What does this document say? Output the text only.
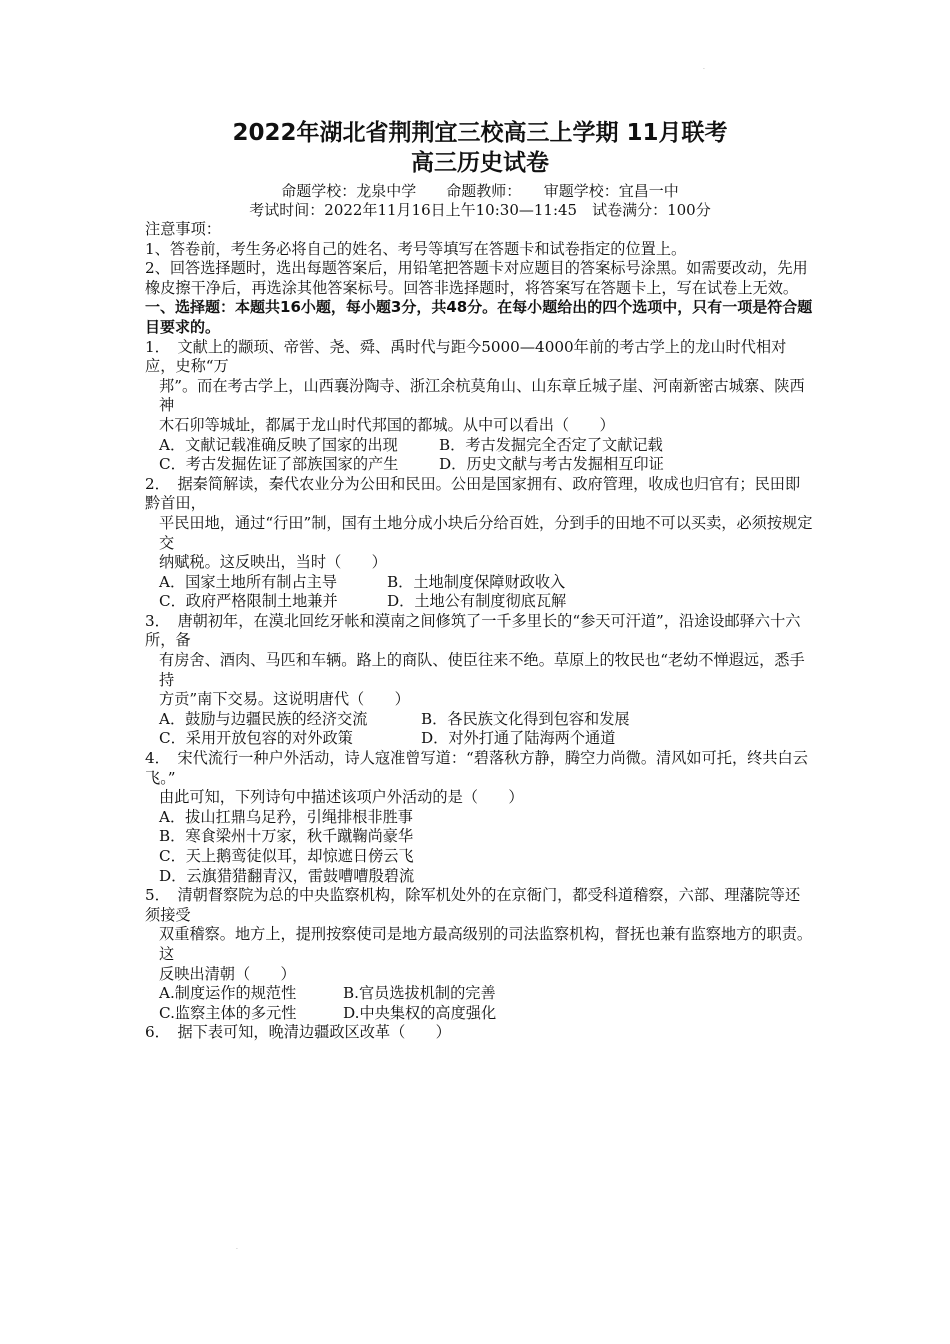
·
·
2022年湖北省荆荆宜三校高三上学期 11月联考
高三历史试卷
命题学校：龙泉中学　　命题教师：　　审题学校：宜昌一中
考试时间：2022年11月16日上午10:30—11:45　试卷满分：100分
注意事项：
1、答卷前，考生务必将自己的姓名、考号等填写在答题卡和试卷指定的位置上。
2、回答选择题时，选出每题答案后，用铅笔把答题卡对应题目的答案标号涂黑。如需要改动，先用橡皮擦干净后，再选涂其他答案标号。回答非选择题时，将答案写在答题卡上，写在试卷上无效。
一、选择题：本题共16小题，每小题3分，共48分。在每小题给出的四个选项中，只有一项是符合题目要求的。
1．　文献上的颛顼、帝喾、尧、舜、禹时代与距今5000—4000年前的考古学上的龙山时代相对应，史称“万
邦”。而在考古学上，山西襄汾陶寺、浙江余杭莫角山、山东章丘城子崖、河南新密古城寨、陕西神
木石卯等城址，都属于龙山时代邦国的都城。从中可以看出（　　）
A．文献记载准确反映了国家的出现	B．考古发掘完全否定了文献记载
C．考古发掘佐证了部族国家的产生	D．历史文献与考古发掘相互印证
2．　据秦简解读，秦代农业分为公田和民田。公田是国家拥有、政府管理，收成也归官有；民田即黔首田，
平民田地，通过“行田”制，国有土地分成小块后分给百姓，分到手的田地不可以买卖，必须按规定交
纳赋税。这反映出，当时（　　）
A．国家土地所有制占主导	B．土地制度保障财政收入
C．政府严格限制土地兼并	D．土地公有制度彻底瓦解
3．　唐朝初年，在漠北回纥牙帐和漠南之间修筑了一千多里长的“参天可汗道”，沿途设邮驿六十六所，备
有房舍、酒肉、马匹和车辆。路上的商队、使臣往来不绝。草原上的牧民也“老幼不惮遐远，悉手持
方贡”南下交易。这说明唐代（　　）
A．鼓励与边疆民族的经济交流	B．各民族文化得到包容和发展
C．采用开放包容的对外政策	D．对外打通了陆海两个通道
4．　宋代流行一种户外活动，诗人寇准曾写道：“碧落秋方静，腾空力尚微。清风如可托，终共白云飞。”
由此可知，下列诗句中描述该项户外活动的是（　　）
A．拔山扛鼎乌足矜，引绳排根非胜事
B．寒食梁州十万家，秋千蹴鞠尚豪华
C．天上鹅鸾徒似耳，却惊遮日傍云飞
D．云旗猎猎翻青汉，雷鼓嘈嘈殷碧流
5．　清朝督察院为总的中央监察机构，除军机处外的在京衙门，都受科道稽察，六部、理藩院等还须接受
双重稽察。地方上，提刑按察使司是地方最高级别的司法监察机构，督抚也兼有监察地方的职责。这
反映出清朝（　　）
A.制度运作的规范性	B.官员选拔机制的完善
C.监察主体的多元性	D.中央集权的高度强化
6．　据下表可知，晚清边疆政区改革（　　）
